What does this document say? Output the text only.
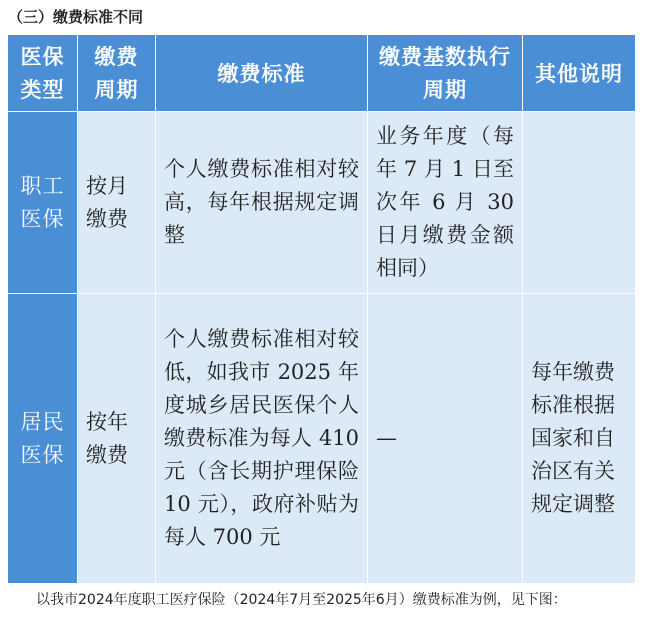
（三）缴费标准不同
医保类型	缴费周期	缴费标准	缴费基数执行周期	其他说明

职工医保	按月缴费	个人缴费标准相对较高，每年根据规定调整	业务年度（每年 7 月 1 日至次年 6 月 30 日月缴费金额相同）	

居民医保	按年缴费	个人缴费标准相对较低，如我市 2025 年度城乡居民医保个人缴费标准为每人 410 元（含长期护理保险 10 元），政府补贴为每人 700 元	—	每年缴费标准根据国家和自治区有关规定调整
以我市2024年度职工医疗保险（2024年7月至2025年6月）缴费标准为例，见下图：
